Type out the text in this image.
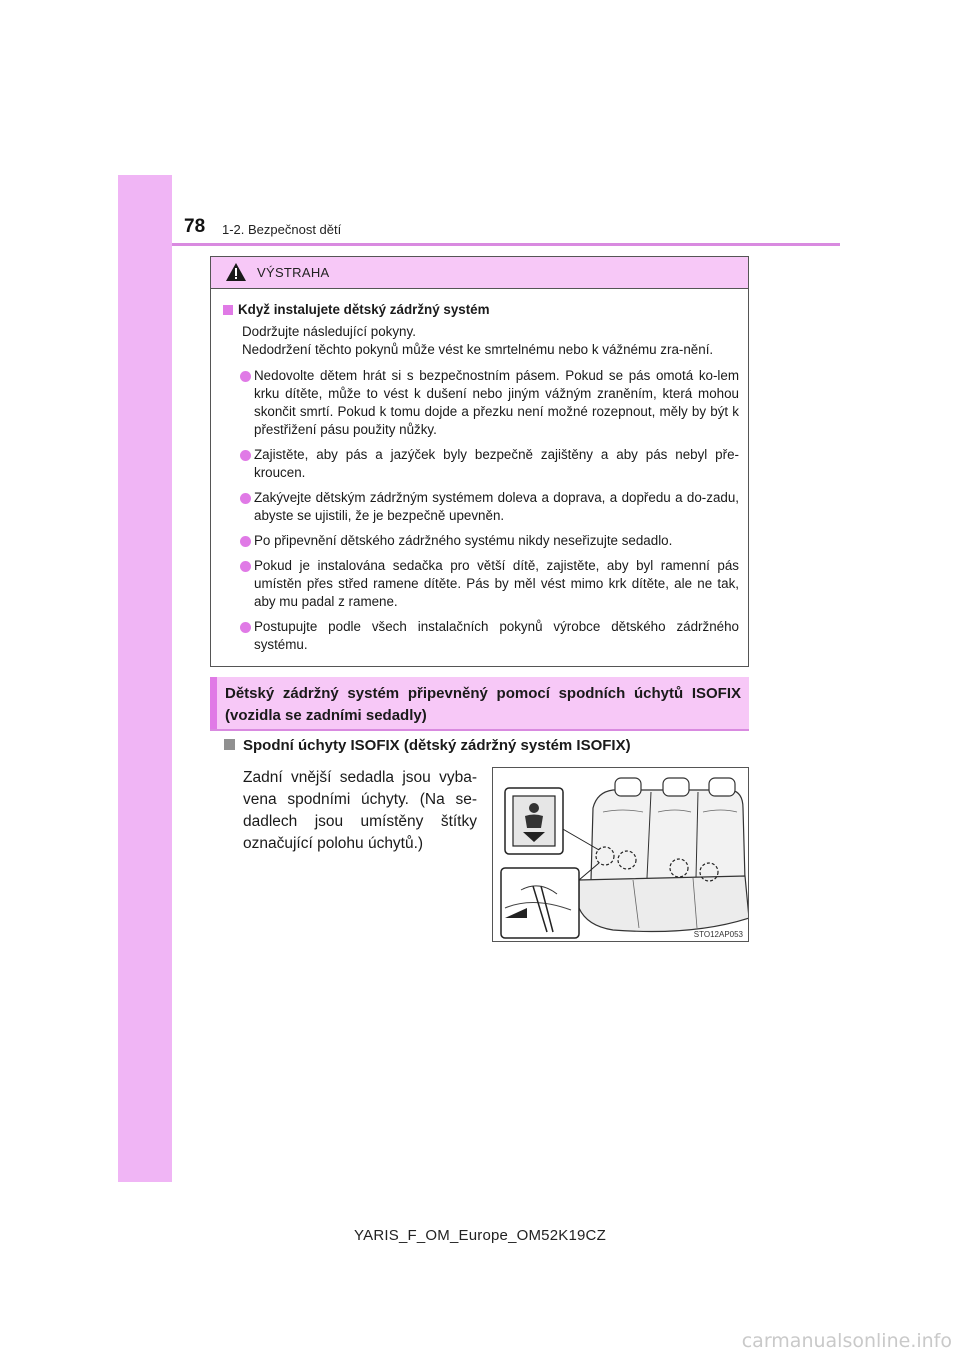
78 1-2. Bezpečnost dětí
VÝSTRAHA
Když instalujete dětský zádržný systém

Dodržujte následující pokyny.

Nedodržení těchto pokynů může vést ke smrtelnému nebo k vážnému zra-nění.

Nedovolte dětem hrát si s bezpečnostním pásem. Pokud se pás omotá ko-lem krku dítěte, může to vést k dušení nebo jiným vážným zraněním, která mohou skončit smrtí. Pokud k tomu dojde a přezku není možné rozepnout, měly by být k přestřižení pásu použity nůžky.
Zajistěte, aby pás a jazýček byly bezpečně zajištěny a aby pás nebyl pře-kroucen.
Zakývejte dětským zádržným systémem doleva a doprava, a dopředu a do-zadu, abyste se ujistili, že je bezpečně upevněn.
Po připevnění dětského zádržného systému nikdy neseřizujte sedadlo.
Pokud je instalována sedačka pro větší dítě, zajistěte, aby byl ramenní pás umístěn přes střed ramene dítěte. Pás by měl vést mimo krk dítěte, ale ne tak, aby mu padal z ramene.
Postupujte podle všech instalačních pokynů výrobce dětského zádržného systému.
Dětský zádržný systém připevněný pomocí spodních úchytů ISOFIX (vozidla se zadními sedadly)
Spodní úchyty ISOFIX (dětský zádržný systém ISOFIX)
Zadní vnější sedadla jsou vyba-vena spodními úchyty. (Na se-dadlech jsou umístěny štítky označující polohu úchytů.)
STO12AP053
YARIS_F_OM_Europe_OM52K19CZ
carmanualsonline.info
